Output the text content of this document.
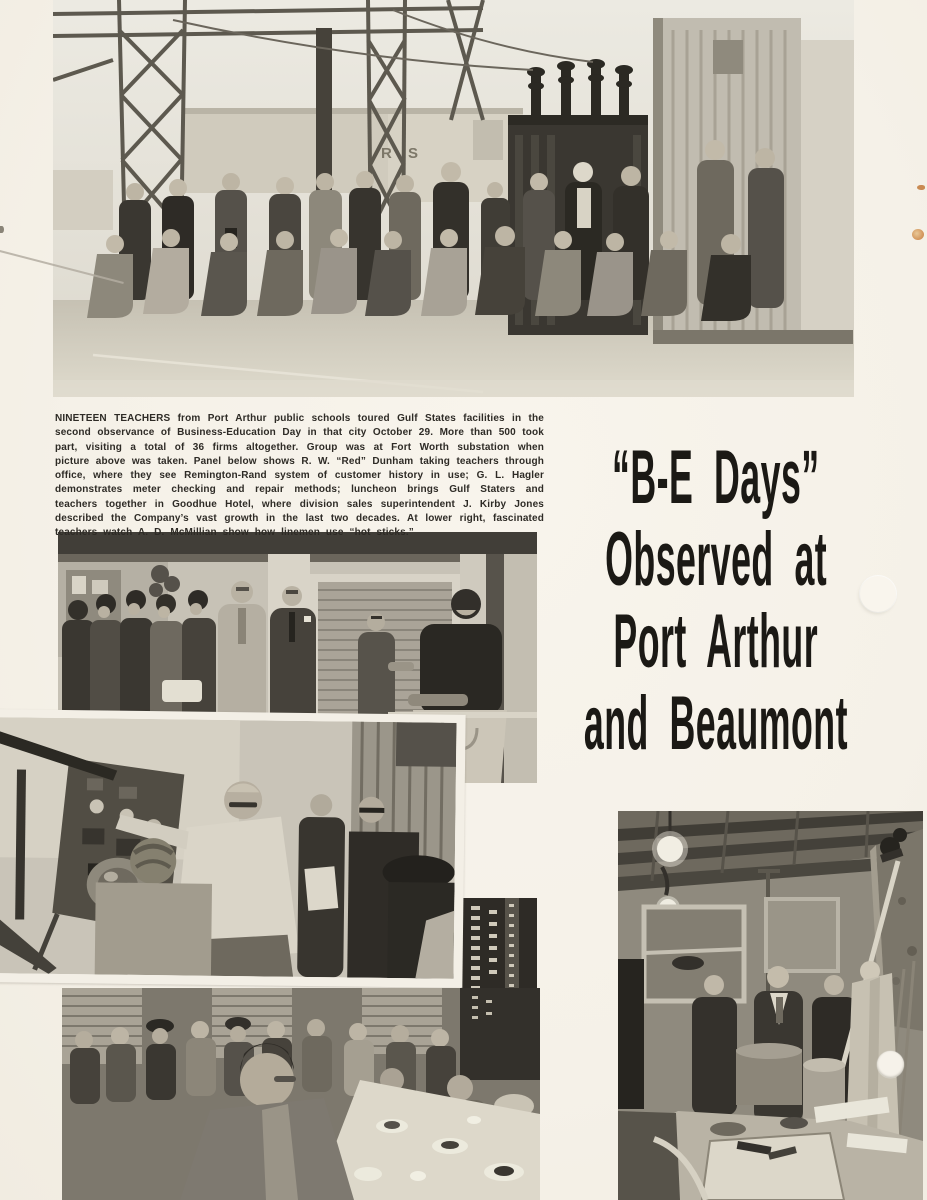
R S

NINETEEN TEACHERS from Port Arthur public schools toured Gulf States facilities in the second observance of Business-Education Day in that city October 29. More than 500 took part, visiting a total of 36 firms altogether. Group was at Fort Worth substation when picture above was taken. Panel below shows R. W. “Red” Dunham taking teachers through office, where they see Remington-Rand system of customer history in use; G. L. Hagler demonstrates meter checking and repair methods; luncheon brings Gulf Staters and teachers together in Goodhue Hotel, where division sales superintendent J. Kirby Jones described the Company’s vast growth in the last two decades. At lower right, fascinated teachers watch A. D. McMillian show how linemen use “hot sticks.”

“B-E Days”
Observed at
Port Arthur
and Beaumont
